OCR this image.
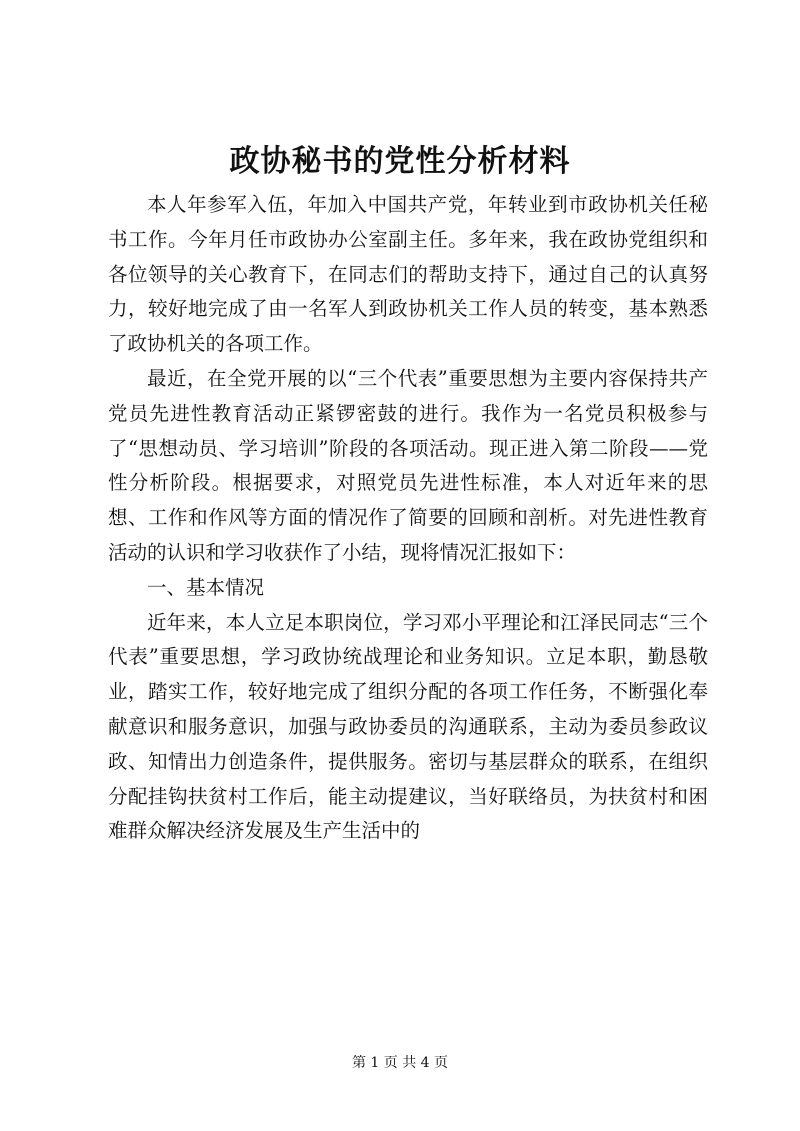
政协秘书的党性分析材料

本人年参军入伍，年加入中国共产党，年转业到市政协机关任秘书工作。今年月任市政协办公室副主任。多年来，我在政协党组织和各位领导的关心教育下，在同志们的帮助支持下，通过自己的认真努力，较好地完成了由一名军人到政协机关工作人员的转变，基本熟悉了政协机关的各项工作。

最近，在全党开展的以“三个代表”重要思想为主要内容保持共产党员先进性教育活动正紧锣密鼓的进行。我作为一名党员积极参与了“思想动员、学习培训”阶段的各项活动。现正进入第二阶段——党性分析阶段。根据要求，对照党员先进性标准，本人对近年来的思想、工作和作风等方面的情况作了简要的回顾和剖析。对先进性教育活动的认识和学习收获作了小结，现将情况汇报如下：

一、基本情况

近年来，本人立足本职岗位，学习邓小平理论和江泽民同志“三个代表”重要思想，学习政协统战理论和业务知识。立足本职，勤恳敬业，踏实工作，较好地完成了组织分配的各项工作任务，不断强化奉献意识和服务意识，加强与政协委员的沟通联系，主动为委员参政议政、知情出力创造条件，提供服务。密切与基层群众的联系，在组织分配挂钩扶贫村工作后，能主动提建议，当好联络员，为扶贫村和困难群众解决经济发展及生产生活中的

第 1 页 共 4 页
